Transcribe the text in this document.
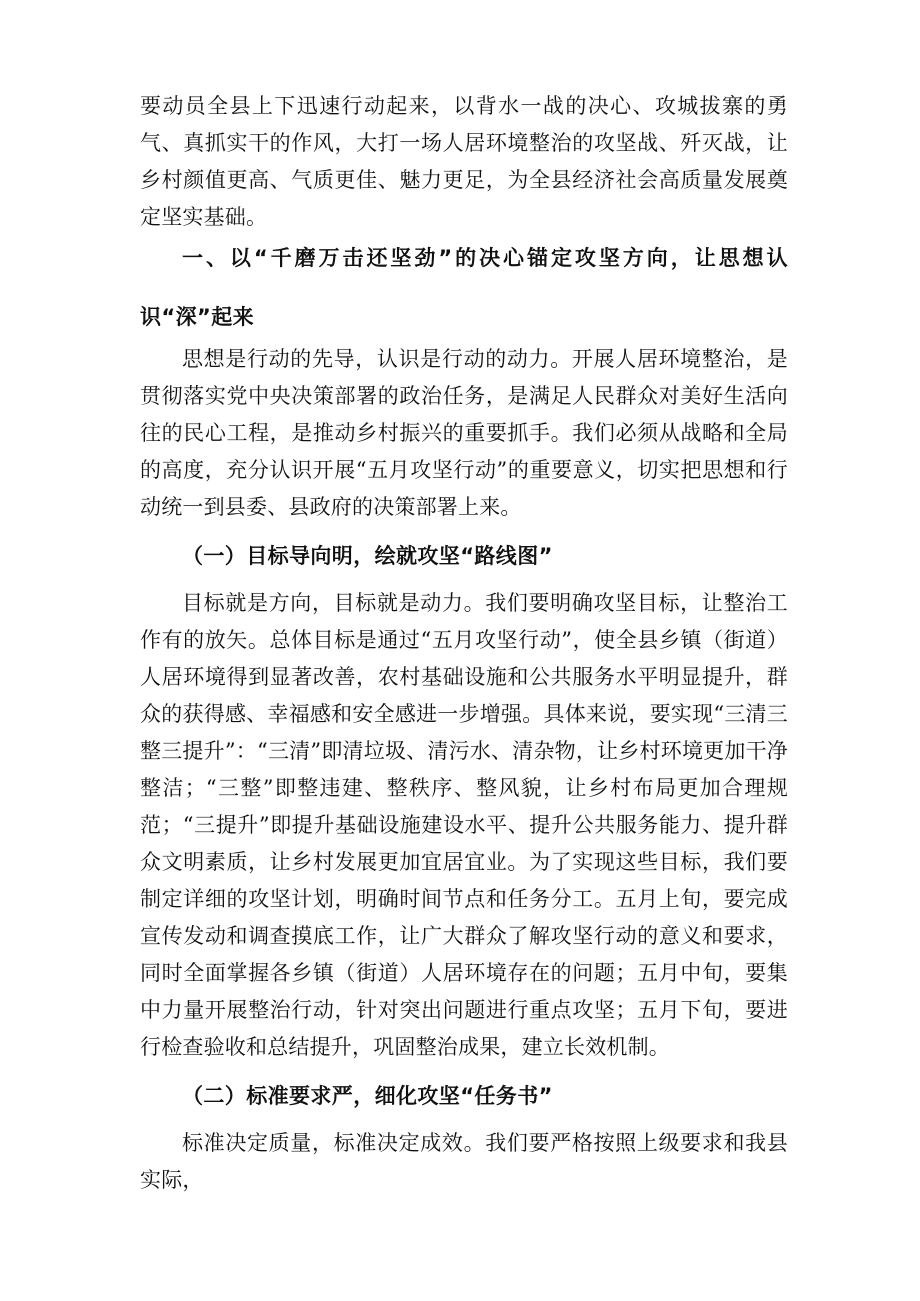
要动员全县上下迅速行动起来，以背水一战的决心、攻城拔寨的勇气、真抓实干的作风，大打一场人居环境整治的攻坚战、歼灭战，让乡村颜值更高、气质更佳、魅力更足，为全县经济社会高质量发展奠定坚实基础。

一、以“千磨万击还坚劲”的决心锚定攻坚方向，让思想认识“深”起来

思想是行动的先导，认识是行动的动力。开展人居环境整治，是贯彻落实党中央决策部署的政治任务，是满足人民群众对美好生活向往的民心工程，是推动乡村振兴的重要抓手。我们必须从战略和全局的高度，充分认识开展“五月攻坚行动”的重要意义，切实把思想和行动统一到县委、县政府的决策部署上来。

（一）目标导向明，绘就攻坚“路线图”

目标就是方向，目标就是动力。我们要明确攻坚目标，让整治工作有的放矢。总体目标是通过“五月攻坚行动”，使全县乡镇（街道）人居环境得到显著改善，农村基础设施和公共服务水平明显提升，群众的获得感、幸福感和安全感进一步增强。具体来说，要实现“三清三整三提升”：“三清”即清垃圾、清污水、清杂物，让乡村环境更加干净整洁；“三整”即整违建、整秩序、整风貌，让乡村布局更加合理规范；“三提升”即提升基础设施建设水平、提升公共服务能力、提升群众文明素质，让乡村发展更加宜居宜业。为了实现这些目标，我们要制定详细的攻坚计划，明确时间节点和任务分工。五月上旬，要完成宣传发动和调查摸底工作，让广大群众了解攻坚行动的意义和要求，同时全面掌握各乡镇（街道）人居环境存在的问题；五月中旬，要集中力量开展整治行动，针对突出问题进行重点攻坚；五月下旬，要进行检查验收和总结提升，巩固整治成果，建立长效机制。

（二）标准要求严，细化攻坚“任务书”

标准决定质量，标准决定成效。我们要严格按照上级要求和我县实际，
